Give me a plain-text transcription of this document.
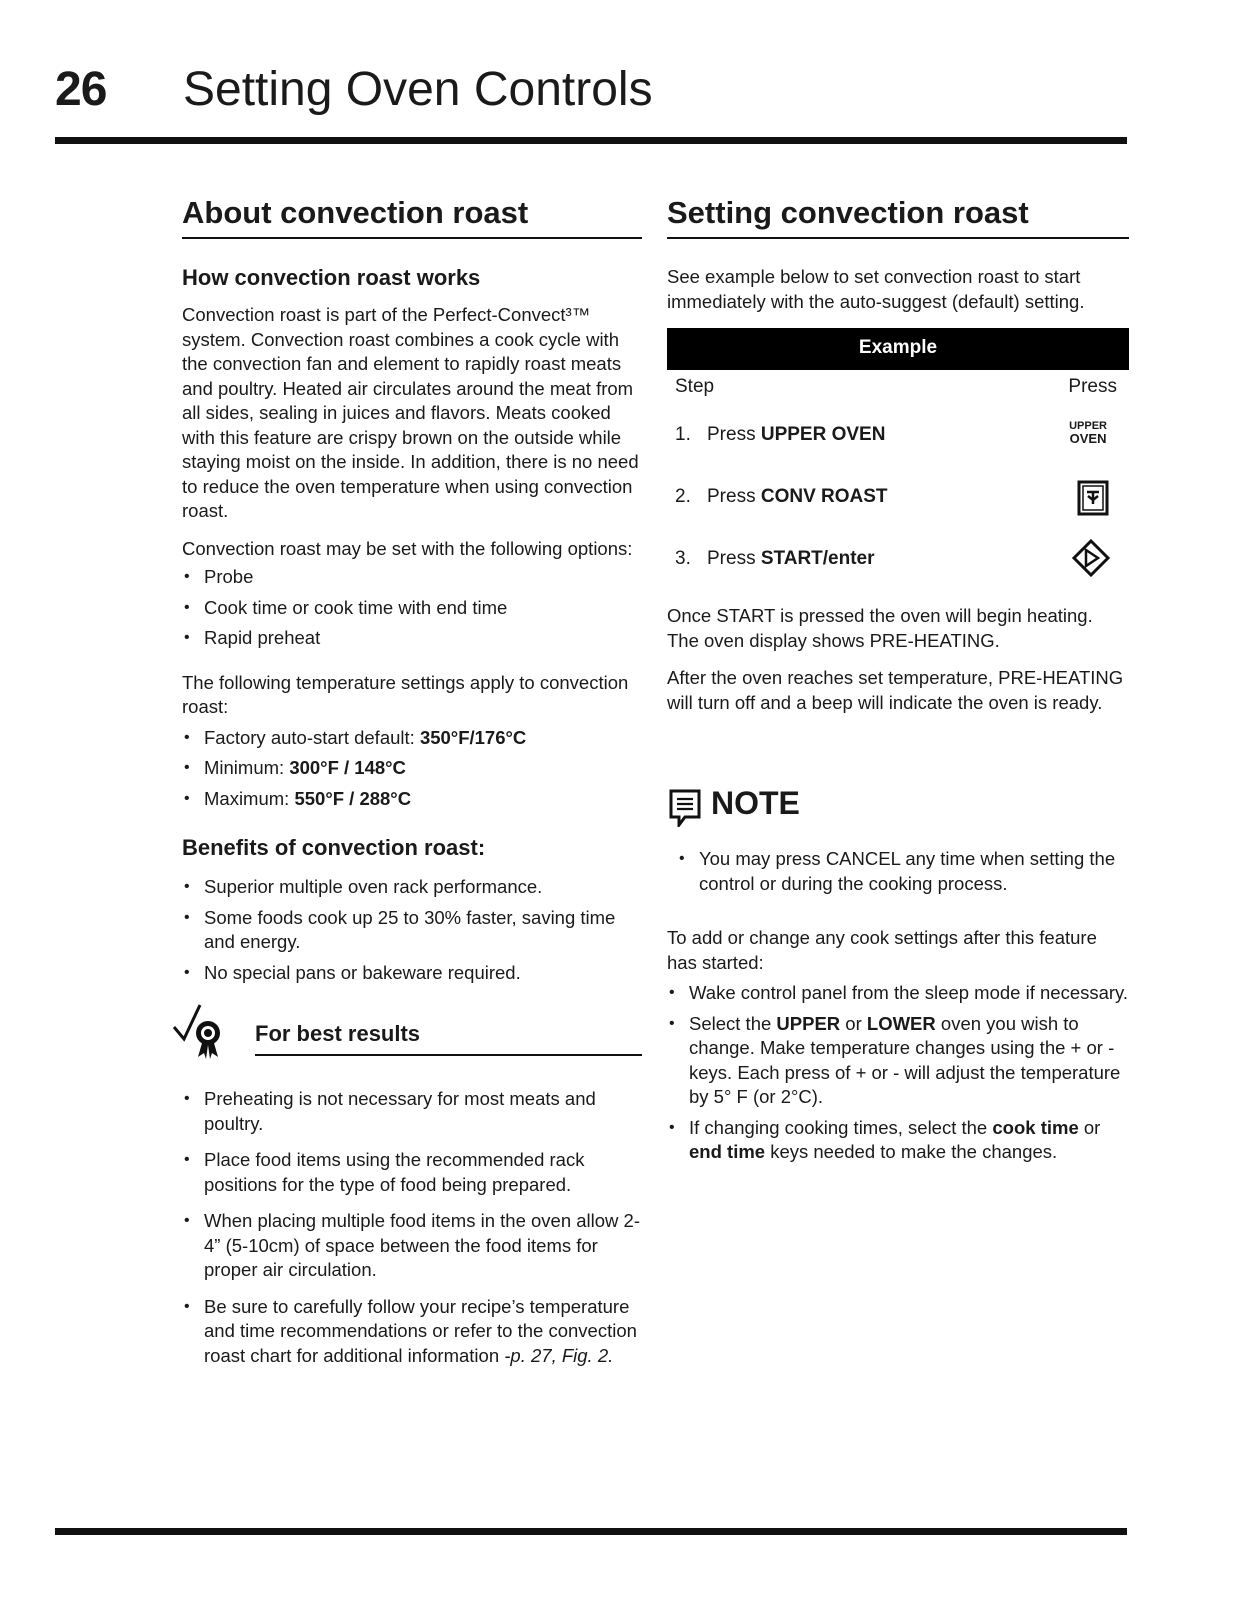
26 Setting Oven Controls
About convection roast
How convection roast works

Convection roast is part of the Perfect-Convect³™ system. Convection roast combines a cook cycle with the convection fan and element to rapidly roast meats and poultry. Heated air circulates around the meat from all sides, sealing in juices and flavors. Meats cooked with this feature are crispy brown on the outside while staying moist on the inside. In addition, there is no need to reduce the oven temperature when using convection roast.

Convection roast may be set with the following options:

• Probe
• Cook time or cook time with end time
• Rapid preheat

The following temperature settings apply to convection roast:

• Factory auto-start default: 350°F/176°C
• Minimum: 300°F / 148°C
• Maximum: 550°F / 288°C
Benefits of convection roast:
• Superior multiple oven rack performance.
• Some foods cook up 25 to 30% faster, saving time and energy.
• No special pans or bakeware required.
For best results
• Preheating is not necessary for most meats and poultry.
• Place food items using the recommended rack positions for the type of food being prepared.
• When placing multiple food items in the oven allow 2-4” (5-10cm) of space between the food items for proper air circulation.
• Be sure to carefully follow your recipe’s temperature and time recommendations or refer to the convection roast chart for additional information -p. 27, Fig. 2.
Setting convection roast

See example below to set convection roast to start immediately with the auto-suggest (default) setting.

Example
Step	Press
1. Press UPPER OVEN	UPPER
OVEN
2. Press CONV ROAST
3. Press START/enter

Once START is pressed the oven will begin heating. The oven display shows PRE-HEATING.

After the oven reaches set temperature, PRE-HEATING will turn off and a beep will indicate the oven is ready.

NOTE
• You may press CANCEL any time when setting the control or during the cooking process.

To add or change any cook settings after this feature has started:

• Wake control panel from the sleep mode if necessary.
• Select the UPPER or LOWER oven you wish to change. Make temperature changes using the + or - keys. Each press of + or - will adjust the temperature by 5° F (or 2°C).
• If changing cooking times, select the cook time or end time keys needed to make the changes.
